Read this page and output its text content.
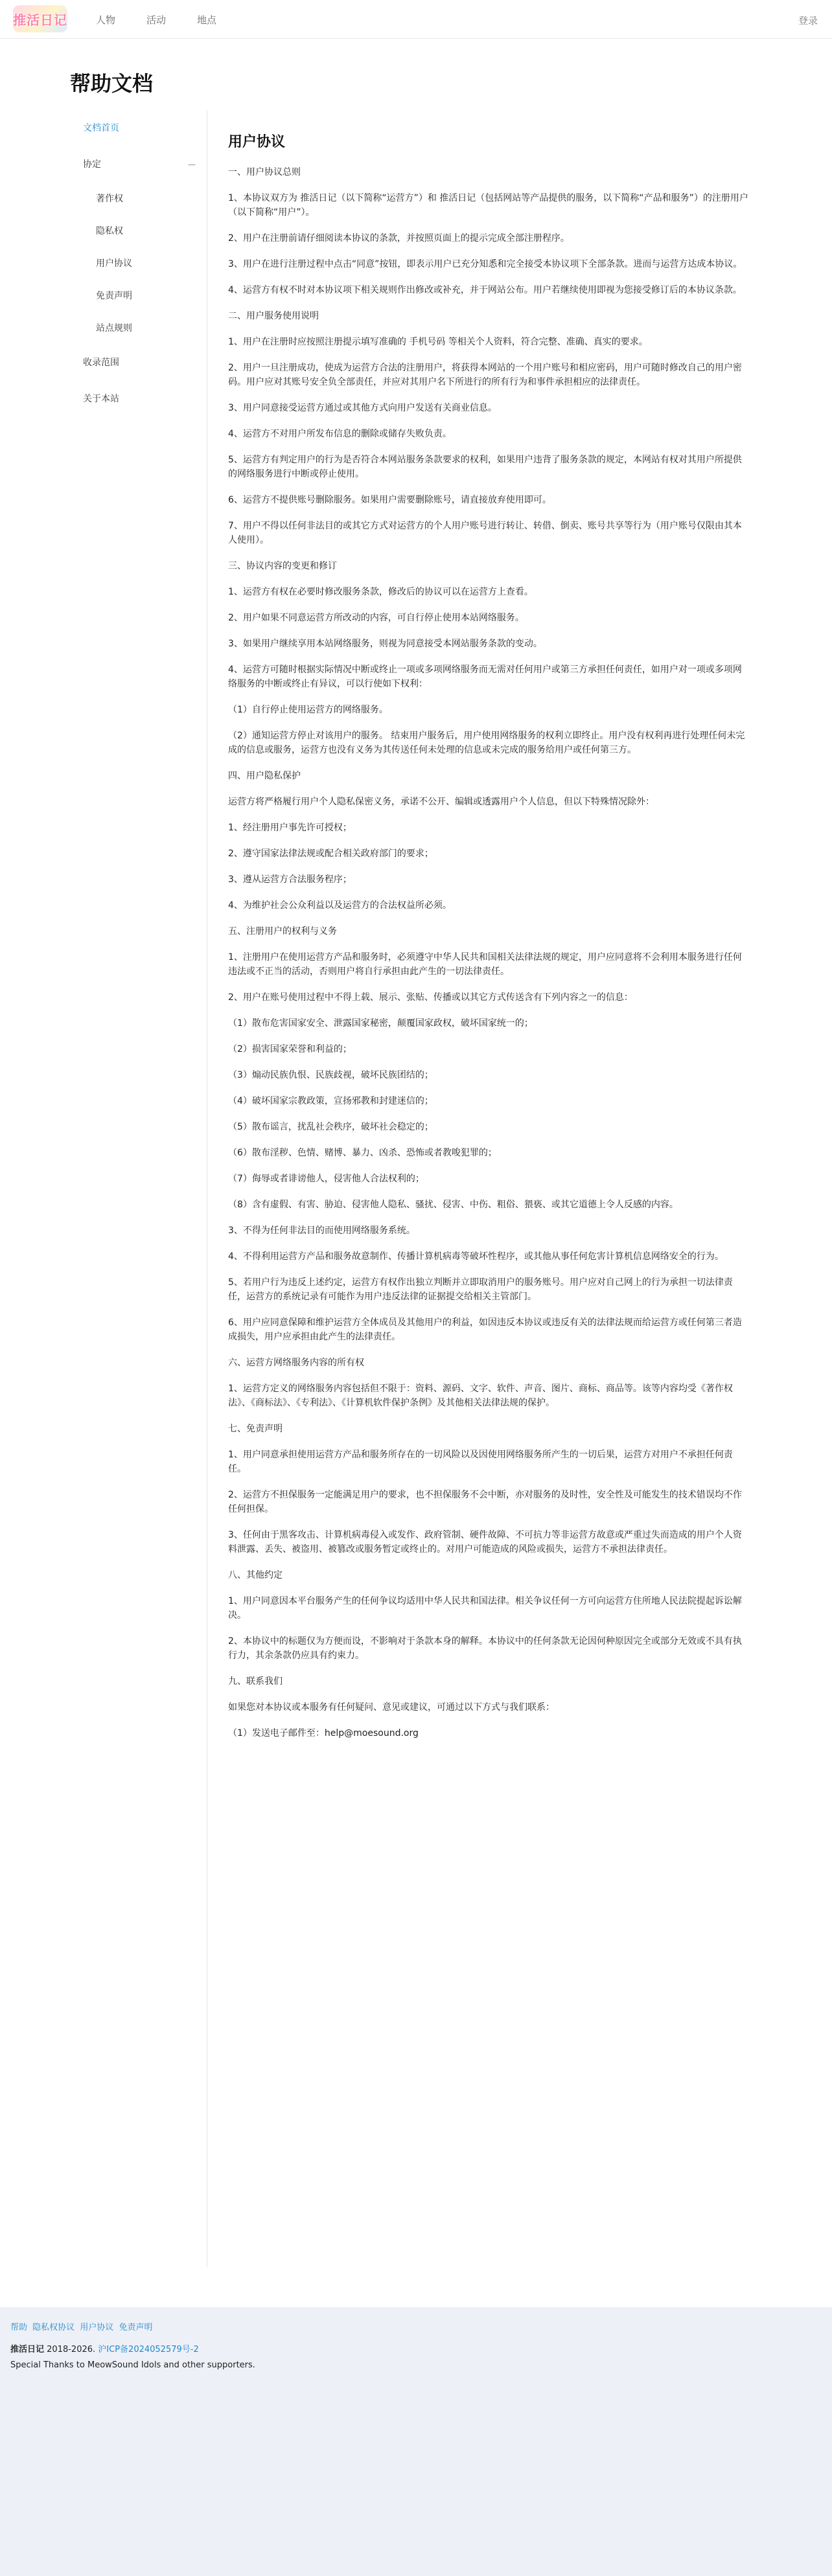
推活日记	人物	活动	地点	登录
帮助文档
文档首页
协定	—
著作权
隐私权
用户协议
免责声明
站点规则
收录范围
关于本站
用户协议

一、用户协议总则

1、本协议双方为 推活日记（以下简称“运营方”）和 推活日记（包括网站等产品提供的服务，以下简称“产品和服务”）的注册用户（以下简称“用户”）。

2、用户在注册前请仔细阅读本协议的条款，并按照页面上的提示完成全部注册程序。

3、用户在进行注册过程中点击“同意”按钮，即表示用户已充分知悉和完全接受本协议项下全部条款。进而与运营方达成本协议。

4、运营方有权不时对本协议项下相关规则作出修改或补充，并于网站公布。用户若继续使用即视为您接受修订后的本协议条款。

二、用户服务使用说明

1、用户在注册时应按照注册提示填写准确的 手机号码 等相关个人资料，符合完整、准确、真实的要求。

2、用户一旦注册成功，使成为运营方合法的注册用户，将获得本网站的一个用户账号和相应密码，用户可随时修改自己的用户密码。用户应对其账号安全负全部责任，并应对其用户名下所进行的所有行为和事件承担相应的法律责任。

3、用户同意接受运营方通过或其他方式向用户发送有关商业信息。

4、运营方不对用户所发布信息的删除或储存失败负责。

5、运营方有判定用户的行为是否符合本网站服务条款要求的权利，如果用户违背了服务条款的规定，本网站有权对其用户所提供的网络服务进行中断或停止使用。

6、运营方不提供账号删除服务。如果用户需要删除账号，请直接放弃使用即可。

7、用户不得以任何非法目的或其它方式对运营方的个人用户账号进行转让、转借、倒卖、账号共享等行为（用户账号仅限由其本人使用）。

三、协议内容的变更和修订

1、运营方有权在必要时修改服务条款，修改后的协议可以在运营方上查看。

2、用户如果不同意运营方所改动的内容，可自行停止使用本站网络服务。

3、如果用户继续享用本站网络服务，则视为同意接受本网站服务条款的变动。

4、运营方可随时根据实际情况中断或终止一项或多项网络服务而无需对任何用户或第三方承担任何责任，如用户对一项或多项网络服务的中断或终止有异议，可以行使如下权利：

（1）自行停止使用运营方的网络服务。

（2）通知运营方停止对该用户的服务。 结束用户服务后，用户使用网络服务的权利立即终止。用户没有权利再进行处理任何未完成的信息或服务，运营方也没有义务为其传送任何未处理的信息或未完成的服务给用户或任何第三方。

四、用户隐私保护

运营方将严格履行用户个人隐私保密义务，承诺不公开、编辑或透露用户个人信息，但以下特殊情况除外：

1、经注册用户事先许可授权；

2、遵守国家法律法规或配合相关政府部门的要求；

3、遵从运营方合法服务程序；

4、为维护社会公众利益以及运营方的合法权益所必须。

五、注册用户的权利与义务

1、注册用户在使用运营方产品和服务时，必须遵守中华人民共和国相关法律法规的规定，用户应同意将不会利用本服务进行任何违法或不正当的活动，否则用户将自行承担由此产生的一切法律责任。

2、用户在账号使用过程中不得上载、展示、张贴、传播或以其它方式传送含有下列内容之一的信息：

（1）散布危害国家安全、泄露国家秘密，颠覆国家政权，破坏国家统一的；

（2）损害国家荣誉和利益的；

（3）煽动民族仇恨、民族歧视，破坏民族团结的；

（4）破坏国家宗教政策，宣扬邪教和封建迷信的；

（5）散布谣言，扰乱社会秩序，破坏社会稳定的；

（6）散布淫秽、色情、赌博、暴力、凶杀、恐怖或者教唆犯罪的；

（7）侮辱或者诽谤他人，侵害他人合法权利的；

（8）含有虚假、有害、胁迫、侵害他人隐私、骚扰、侵害、中伤、粗俗、猥亵、或其它道德上令人反感的内容。

3、不得为任何非法目的而使用网络服务系统。

4、不得利用运营方产品和服务故意制作、传播计算机病毒等破坏性程序，或其他从事任何危害计算机信息网络安全的行为。

5、若用户行为违反上述约定，运营方有权作出独立判断并立即取消用户的服务账号。用户应对自己网上的行为承担一切法律责任，运营方的系统记录有可能作为用户违反法律的证据提交给相关主管部门。

6、用户应同意保障和维护运营方全体成员及其他用户的利益，如因违反本协议或违反有关的法律法规而给运营方或任何第三者造成损失，用户应承担由此产生的法律责任。

六、运营方网络服务内容的所有权

1、运营方定义的网络服务内容包括但不限于：资料、源码、文字、软件、声音、图片、商标、商品等。该等内容均受《著作权法》、《商标法》、《专利法》、《计算机软件保护条例》及其他相关法律法规的保护。

七、免责声明

1、用户同意承担使用运营方产品和服务所存在的一切风险以及因使用网络服务所产生的一切后果，运营方对用户不承担任何责任。

2、运营方不担保服务一定能满足用户的要求，也不担保服务不会中断，亦对服务的及时性，安全性及可能发生的技术错误均不作任何担保。

3、任何由于黑客攻击、计算机病毒侵入或发作、政府管制、硬件故障、不可抗力等非运营方故意或严重过失而造成的用户个人资料泄露、丢失、被盗用、被篡改或服务暂定或终止的。对用户可能造成的风险或损失，运营方不承担法律责任。

八、其他约定

1、用户同意因本平台服务产生的任何争议均适用中华人民共和国法律。相关争议任何一方可向运营方住所地人民法院提起诉讼解决。

2、本协议中的标题仅为方便而设，不影响对于条款本身的解释。本协议中的任何条款无论因何种原因完全或部分无效或不具有执行力，其余条款仍应具有约束力。

九、联系我们

如果您对本协议或本服务有任何疑问、意见或建议，可通过以下方式与我们联系：

（1）发送电子邮件至：help@moesound.org

帮助 隐私权协议 用户协议 免责声明
推活日记 2018-2026. 沪ICP备2024052579号-2
Special Thanks to MeowSound Idols and other supporters.
